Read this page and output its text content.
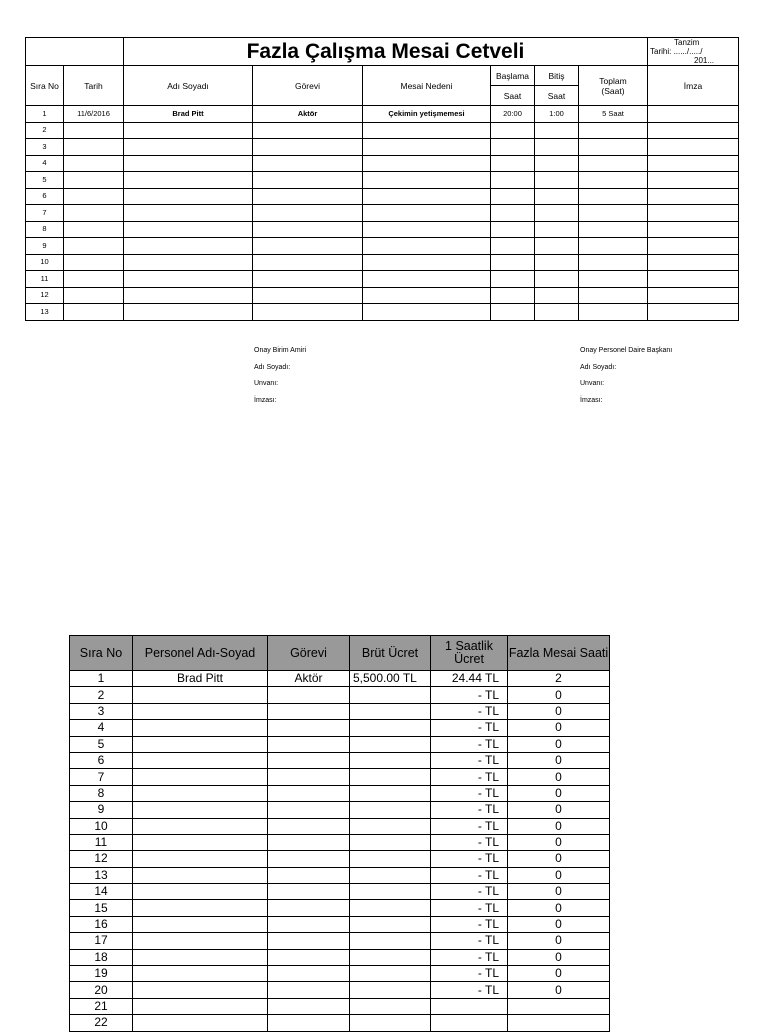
		Fazla Çalışma Mesai Cetveli						Tanzim
Tarihi: ....../...../
201...

Sıra No	Tarih	Adı Soyadı	Görevi	Mesai Nedeni	Başlama	Bitiş	Toplam (Saat)	İmza
					Saat	Saat		
1	11/6/2016	Brad Pitt	Aktör	Çekimin yetişmemesi	20:00	1:00	5 Saat	
2								
3								
4								
5								
6								
7								
8								
9								
10								
11								
12								
13								
Onay Birim Amiri
Adı Soyadı:
Unvanı:
İmzası:
Onay Personel Daire Başkanı
Adı Soyadı:
Unvanı:
İmzası:
Sıra No	Personel Adı-Soyad	Görevi	Brüt Ücret	1 Saatlik Ücret	Fazla Mesai Saati
1	Brad Pitt	Aktör	5,500.00 TL	24.44 TL	2
2				- TL	0
3				- TL	0
4				- TL	0
5				- TL	0
6				- TL	0
7				- TL	0
8				- TL	0
9				- TL	0
10				- TL	0
11				- TL	0
12				- TL	0
13				- TL	0
14				- TL	0
15				- TL	0
16				- TL	0
17				- TL	0
18				- TL	0
19				- TL	0
20				- TL	0
21					
22					
